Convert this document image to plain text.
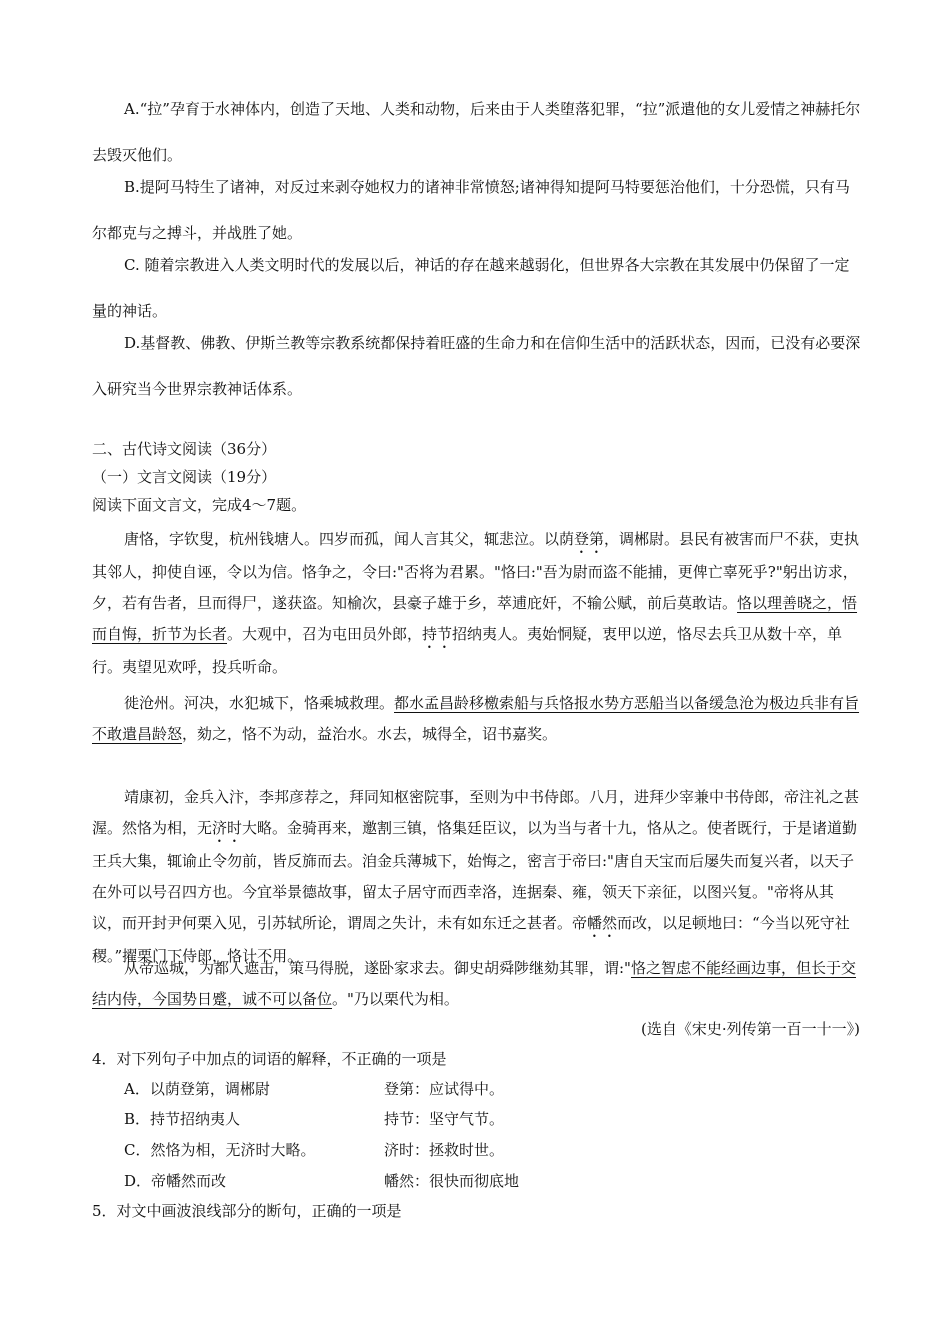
A.“拉”孕育于水神体内，创造了天地、人类和动物，后来由于人类堕落犯罪，“拉”派遣他的女儿爱情之神赫托尔去毁灭他们。
B.提阿马特生了诸神，对反过来剥夺她权力的诸神非常愤怒;诸神得知提阿马特要惩治他们，十分恐慌，只有马尔都克与之搏斗，并战胜了她。
C. 随着宗教进入人类文明时代的发展以后，神话的存在越来越弱化，但世界各大宗教在其发展中仍保留了一定量的神话。
D.基督教、佛教、伊斯兰教等宗教系统都保持着旺盛的生命力和在信仰生活中的活跃状态，因而，已没有必要深入研究当今世界宗教神话体系。
二、古代诗文阅读（36分）
（一）文言文阅读（19分）
阅读下面文言文，完成4～7题。
唐恪，字钦叟，杭州钱塘人。四岁而孤，闻人言其父，辄悲泣。以荫登第，调郴尉。县民有被害而尸不获，吏执其邻人，抑使自诬，令以为信。恪争之，令曰:"否将为君累。"恪曰:"吾为尉而盗不能捕，更俾亡辜死乎?"躬出访求，夕，若有告者，旦而得尸，遂获盗。知榆次，县豪子雄于乡，萃逋庇奸，不输公赋，前后莫敢诘。恪以理善晓之，悟而自悔，折节为长者。大观中，召为屯田员外郎，持节招纳夷人。夷始恫疑，衷甲以逆，恪尽去兵卫从数十卒，单行。夷望见欢呼，投兵听命。
徙沧州。河决，水犯城下，恪乘城救理。都水孟昌龄移檄索船与兵恪报水势方恶船当以备缓急沧为极边兵非有旨不敢遣昌龄怒，劾之，恪不为动，益治水。水去，城得全，诏书嘉奖。
靖康初，金兵入汴，李邦彦荐之，拜同知枢密院事，至则为中书侍郎。八月，进拜少宰兼中书侍郎，帝注礼之甚渥。然恪为相，无济时大略。金骑再来，邀割三镇，恪集廷臣议，以为当与者十九，恪从之。使者既行，于是诸道勤王兵大集，辄谕止令勿前，皆反旆而去。洎金兵薄城下，始悔之，密言于帝曰:"唐自天宝而后屡失而复兴者，以天子在外可以号召四方也。今宜举景德故事，留太子居守而西幸洛，连据秦、雍，领天下亲征，以图兴复。"帝将从其议，而开封尹何栗入见，引苏轼所论，谓周之失计，未有如东迁之甚者。帝幡然而改，以足顿地曰：“今当以死守社稷。”擢栗门下侍郎，恪计不用。
从帝巡城，为都人遮击，策马得脱，遂卧家求去。御史胡舜陟继劾其罪，谓:"恪之智虑不能经画边事，但长于交结内侍，今国势日蹙，诚不可以备位。"乃以栗代为相。
(选自《宋史·列传第一百一十一》)
4．对下列句子中加点的词语的解释，不正确的一项是
A．以荫登第，调郴尉	登第：应试得中。
B．持节招纳夷人	持节：坚守气节。
C．然恪为相，无济时大略。	济时：拯救时世。
D．帝幡然而改	幡然：很快而彻底地
5．对文中画波浪线部分的断句，正确的一项是
